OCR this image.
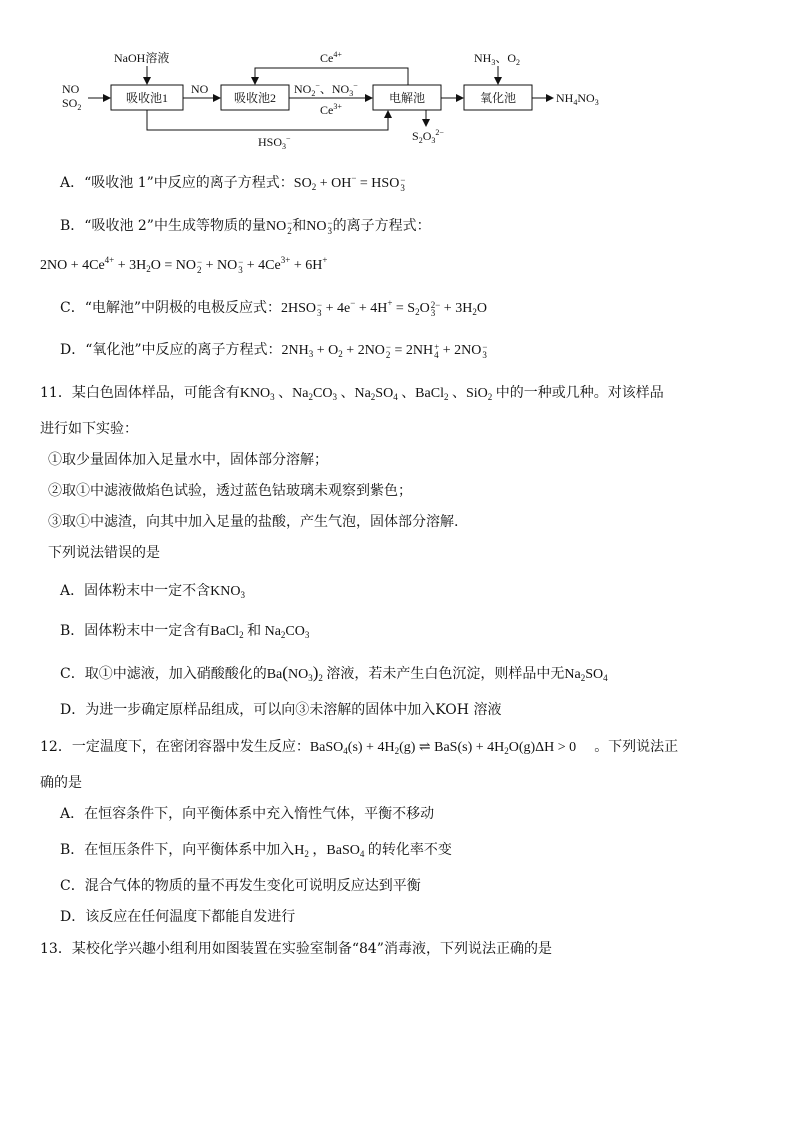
NO
$SO_2$
NaOH溶液
吸收池1
NO
吸收池2
$Ce^{4+}$
$NO_2^-$、$NO_3^-$
$Ce^{3+}$
电解池
$HSO_3^-$	$S_2O_3^{2-}$
氧化池
$NH_3$、$O_2$
$NH_4NO_3$
A．“吸收池 1”中反应的离子方程式：$SO_2 + OH^-$ = HSO −
3
B．“吸收池 2”中生成等物质的量NO −
2 和NO −
3 的离子方程式：
$2NO + 4Ce^{4+} + 3H_2O$ = NO −
2 + NO −
$3 + 4Ce^{3+} + 6H^+$
C．“电解池”中阴极的电极反应式：2HSO −
$3 + 4e^- + 4H^+ = S_2O$ 2−
$3 + 3H_2O$
D．“氧化池”中反应的离子方程式：$2NH_3 + O_2 + 2NO$ −
2 = 2NH +
4 + 2NO −
3
11．某白色固体样品，可能含有$KNO_3$ 、$Na_2CO_3$ 、$Na_2SO_4$ 、BaCl$_2$ 、SiO$_2$ 中的一种或几种。对该样品
进行如下实验：
①取少量固体加入足量水中，固体部分溶解；
②取①中滤液做焰色试验，透过蓝色钴玻璃未观察到紫色；
③取①中滤渣，向其中加入足量的盐酸，产生气泡，固体部分溶解.
下列说法错误的是
A．固体粉末中一定不含$KNO_3$
B．固体粉末中一定含有BaCl$_2$ 和 $Na_2CO_3$
C．取①中滤液，加入硝酸酸化的$Ba(NO_3)_2$ 溶液，若未产生白色沉淀，则样品中无$Na_2SO_4$
D．为进一步确定原样品组成，可以向③未溶解的固体中加入KOH 溶液
12．一定温度下，在密闭容器中发生反应：BaSO$_4$(s) + $4H_2(g)$ ⇌ $BaS(s) + 4H_2O(g)\Delta H > 0$ 。下列说法正
确的是
A．在恒容条件下，向平衡体系中充入惰性气体，平衡不移动
B．在恒压条件下，向平衡体系中加入$H_2$ ，BaSO$_4$ 的转化率不变
C．混合气体的物质的量不再发生变化可说明反应达到平衡
D．该反应在任何温度下都能自发进行
13．某校化学兴趣小组利用如图装置在实验室制备“84”消毒液，下列说法正确的是
